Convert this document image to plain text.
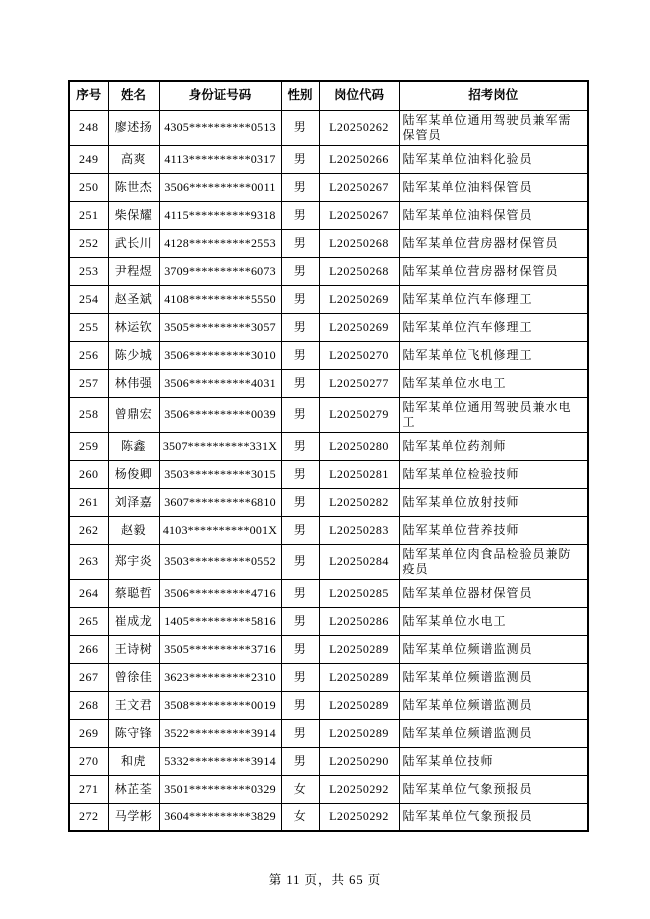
序号	姓名	身份证号码	性别	岗位代码	招考岗位
248	廖述扬	4305**********0513	男	L20250262	陆军某单位通用驾驶员兼军需保管员
249	高爽	4113**********0317	男	L20250266	陆军某单位油料化验员
250	陈世杰	3506**********0011	男	L20250267	陆军某单位油料保管员
251	柴保耀	4115**********9318	男	L20250267	陆军某单位油料保管员
252	武长川	4128**********2553	男	L20250268	陆军某单位营房器材保管员
253	尹程煜	3709**********6073	男	L20250268	陆军某单位营房器材保管员
254	赵圣斌	4108**********5550	男	L20250269	陆军某单位汽车修理工
255	林运钦	3505**********3057	男	L20250269	陆军某单位汽车修理工
256	陈少城	3506**********3010	男	L20250270	陆军某单位飞机修理工
257	林伟强	3506**********4031	男	L20250277	陆军某单位水电工
258	曾鼎宏	3506**********0039	男	L20250279	陆军某单位通用驾驶员兼水电工
259	陈鑫	3507**********331X	男	L20250280	陆军某单位药剂师
260	杨俊卿	3503**********3015	男	L20250281	陆军某单位检验技师
261	刘泽嘉	3607**********6810	男	L20250282	陆军某单位放射技师
262	赵毅	4103**********001X	男	L20250283	陆军某单位营养技师
263	郑宇炎	3503**********0552	男	L20250284	陆军某单位肉食品检验员兼防疫员
264	蔡聪哲	3506**********4716	男	L20250285	陆军某单位器材保管员
265	崔成龙	1405**********5816	男	L20250286	陆军某单位水电工
266	王诗树	3505**********3716	男	L20250289	陆军某单位频谱监测员
267	曾徐佳	3623**********2310	男	L20250289	陆军某单位频谱监测员
268	王文君	3508**********0019	男	L20250289	陆军某单位频谱监测员
269	陈守锋	3522**********3914	男	L20250289	陆军某单位频谱监测员
270	和虎	5332**********3914	男	L20250290	陆军某单位技师
271	林芷荃	3501**********0329	女	L20250292	陆军某单位气象预报员
272	马学彬	3604**********3829	女	L20250292	陆军某单位气象预报员
第 11 页，共 65 页
